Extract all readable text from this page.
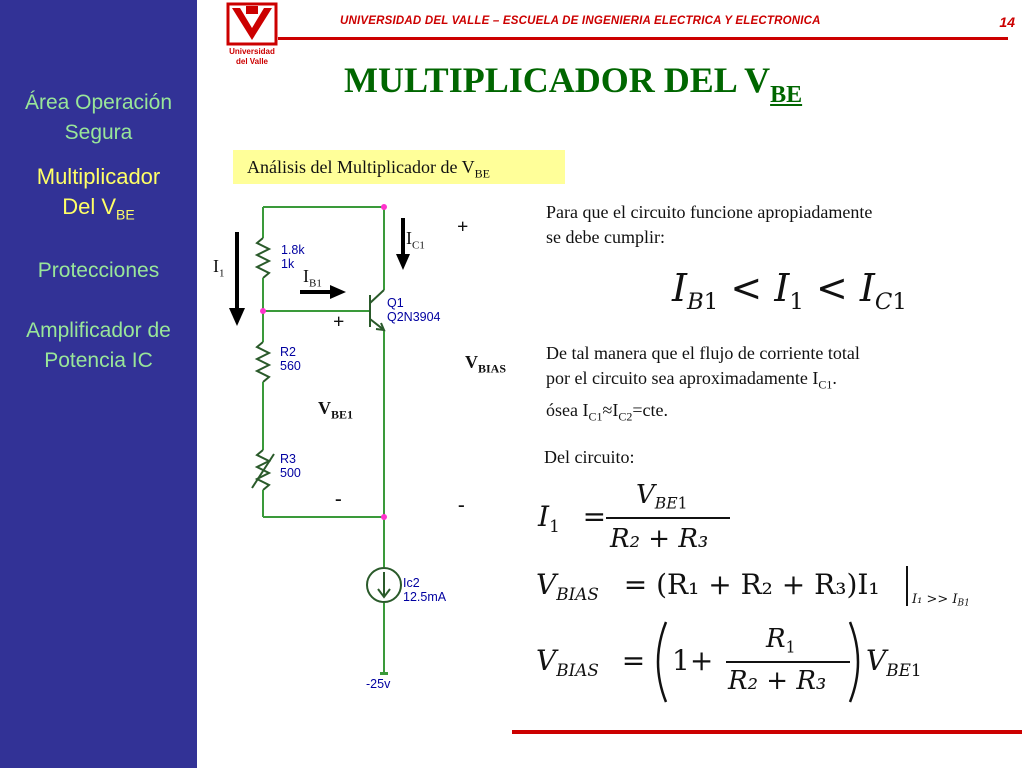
Área Operación
Segura
Multiplicador
Del $V_{BE}$
Protecciones
Amplificador de
Potencia IC
Universidad
del Valle
UNIVERSIDAD DEL VALLE – ESCUELA DE INGENIERIA ELECTRICA Y ELECTRONICA	14
MULTIPLICADOR DEL $V_{BE}$
Análisis del Multiplicador de $V_{BE}$
1.8k
1k
R2
560
R3
500
Q1
Q2N3904
Ic2
12.5mA
-25v
$I_1$	$I_{B1}$
$I_{C1}$
$V_{BIAS}$
$V_{BE1}$
+
+
-	-
Para que el circuito funcione apropiadamente
se debe cumplir:
De tal manera que el flujo de corriente total
por el circuito sea aproximadamente $I_{C1}$.
ósea $I_{C1}\approx I_{C2}=cte$.
Del circuito:
$I_{B1} < I_1 < I_{C1}$
$I_1$ =
$V_{BE1}$
R₂ + R₃
$V_{BIAS} = (R_1 + R_2 + R_3)I_1$ $I_1 >> I_{B1}$
$V_{BIAS} = 1+$
$R_1$
R₂ + R₃
$V_{BE1}$
